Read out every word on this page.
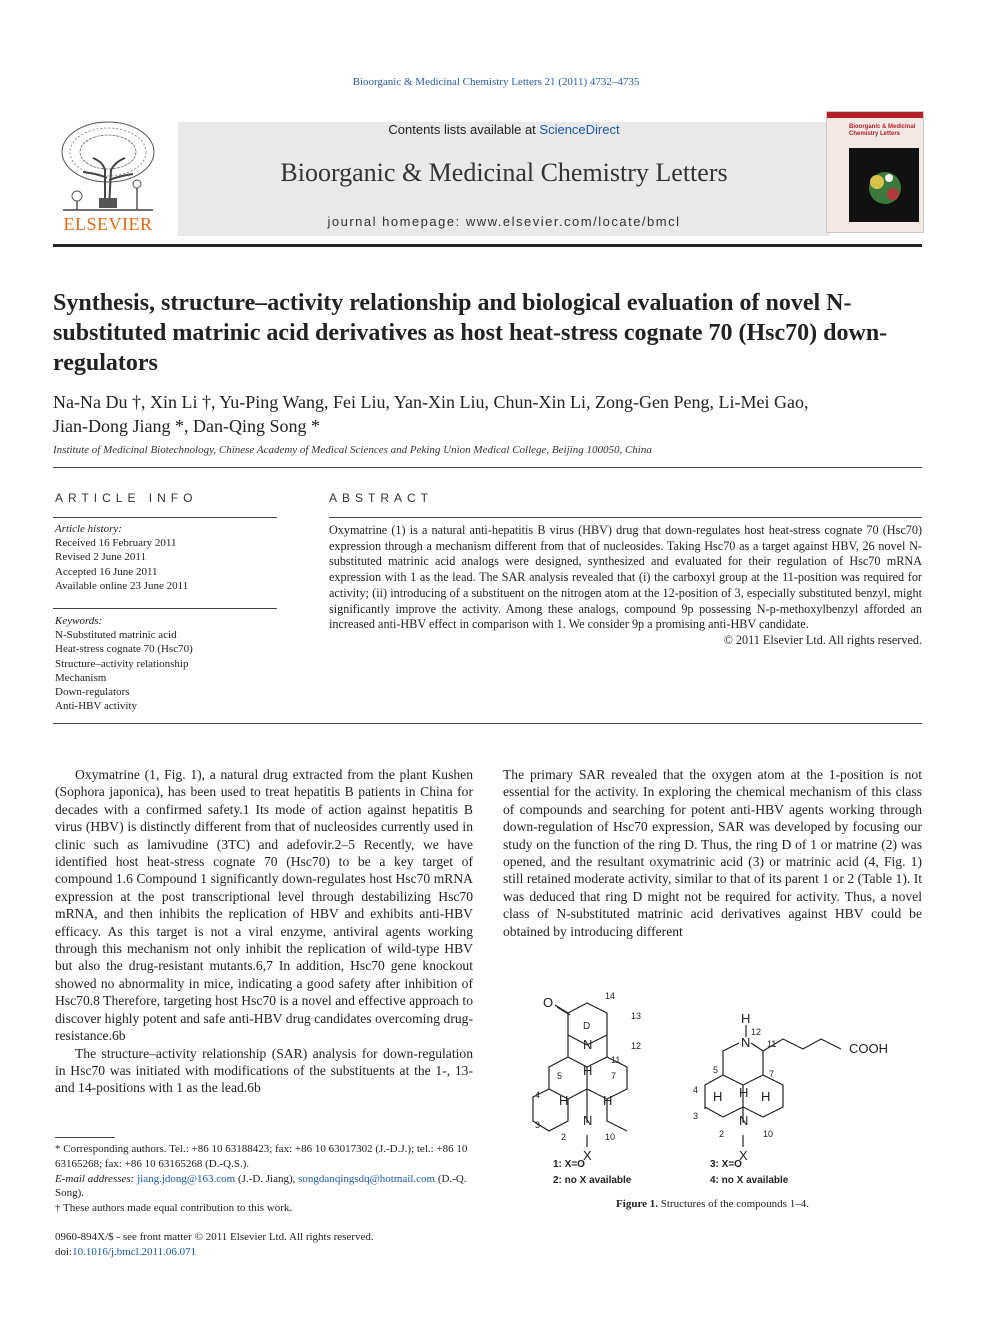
Bioorganic & Medicinal Chemistry Letters 21 (2011) 4732–4735
ELSEVIER
Contents lists available at ScienceDirect
Bioorganic & Medicinal Chemistry Letters
journal homepage: www.elsevier.com/locate/bmcl
Bioorganic & Medicinal Chemistry Letters
Synthesis, structure–activity relationship and biological evaluation of novel N-substituted matrinic acid derivatives as host heat-stress cognate 70 (Hsc70) down-regulators
Na-Na Du †, Xin Li †, Yu-Ping Wang, Fei Liu, Yan-Xin Liu, Chun-Xin Li, Zong-Gen Peng, Li-Mei Gao,
Jian-Dong Jiang *, Dan-Qing Song *
Institute of Medicinal Biotechnology, Chinese Academy of Medical Sciences and Peking Union Medical College, Beijing 100050, China
ARTICLE INFO
Article history:
Received 16 February 2011
Revised 2 June 2011
Accepted 16 June 2011
Available online 23 June 2011
Keywords:
N-Substituted matrinic acid
Heat-stress cognate 70 (Hsc70)
Structure–activity relationship
Mechanism
Down-regulators
Anti-HBV activity
ABSTRACT

Oxymatrine (1) is a natural anti-hepatitis B virus (HBV) drug that down-regulates host heat-stress cognate 70 (Hsc70) expression through a mechanism different from that of nucleosides. Taking Hsc70 as a target against HBV, 26 novel N-substituted matrinic acid analogs were designed, synthesized and evaluated for their regulation of Hsc70 mRNA expression with 1 as the lead. The SAR analysis revealed that (i) the carboxyl group at the 11-position was required for activity; (ii) introducing of a substituent on the nitrogen atom at the 12-position of 3, especially substituted benzyl, might significantly improve the activity. Among these analogs, compound 9p possessing N-p-methoxylbenzyl afforded an increased anti-HBV effect in comparison with 1. We consider 9p a promising anti-HBV candidate.

© 2011 Elsevier Ltd. All rights reserved.

Oxymatrine (1, Fig. 1), a natural drug extracted from the plant Kushen (Sophora japonica), has been used to treat hepatitis B patients in China for decades with a confirmed safety.1 Its mode of action against hepatitis B virus (HBV) is distinctly different from that of nucleosides currently used in clinic such as lamivudine (3TC) and adefovir.2–5 Recently, we have identified host heat-stress cognate 70 (Hsc70) to be a key target of compound 1.6 Compound 1 significantly down-regulates host Hsc70 mRNA expression at the post transcriptional level through destabilizing Hsc70 mRNA, and then inhibits the replication of HBV and exhibits anti-HBV efficacy. As this target is not a viral enzyme, antiviral agents working through this mechanism not only inhibit the replication of wild-type HBV but also the drug-resistant mutants.6,7 In addition, Hsc70 gene knockout showed no abnormality in mice, indicating a good safety after inhibition of Hsc70.8 Therefore, targeting host Hsc70 is a novel and effective approach to discover highly potent and safe anti-HBV drug candidates overcoming drug-resistance.6b

The structure–activity relationship (SAR) analysis for down-regulation in Hsc70 was initiated with modifications of the substituents at the 1-, 13- and 14-positions with 1 as the lead.6b

The primary SAR revealed that the oxygen atom at the 1-position is not essential for the activity. In exploring the chemical mechanism of this class of compounds and searching for potent anti-HBV agents working through down-regulation of Hsc70 expression, SAR was developed by focusing our study on the function of the ring D. Thus, the ring D of 1 or matrine (2) was opened, and the resultant oxymatrinic acid (3) or matrinic acid (4, Fig. 1) still retained moderate activity, similar to that of its parent 1 or 2 (Table 1). It was deduced that ring D might not be required for activity. Thus, a novel class of N-substituted matrinic acid derivatives against HBV could be obtained by introducing different

* Corresponding authors. Tel.: +86 10 63188423; fax: +86 10 63017302 (J.-D.J.); tel.: +86 10 63165268; fax: +86 10 63165268 (D.-Q.S.).

E-mail addresses: jiang.jdong@163.com (J.-D. Jiang), songdanqingsdq@hotmail.com (D.-Q. Song).

† These authors made equal contribution to this work.

0960-894X/$ - see front matter © 2011 Elsevier Ltd. All rights reserved.

doi:10.1016/j.bmcl.2011.06.071

O
N
H
H	H
N
X
D
14
13
12
11
7
5
4
3
2	10
1: X=O
2: no X available
H
N
H
H	H
N
X
COOH
12
11
7
5
4
3
2	10
3: X=O
4: no X available
Figure 1. Structures of the compounds 1–4.
